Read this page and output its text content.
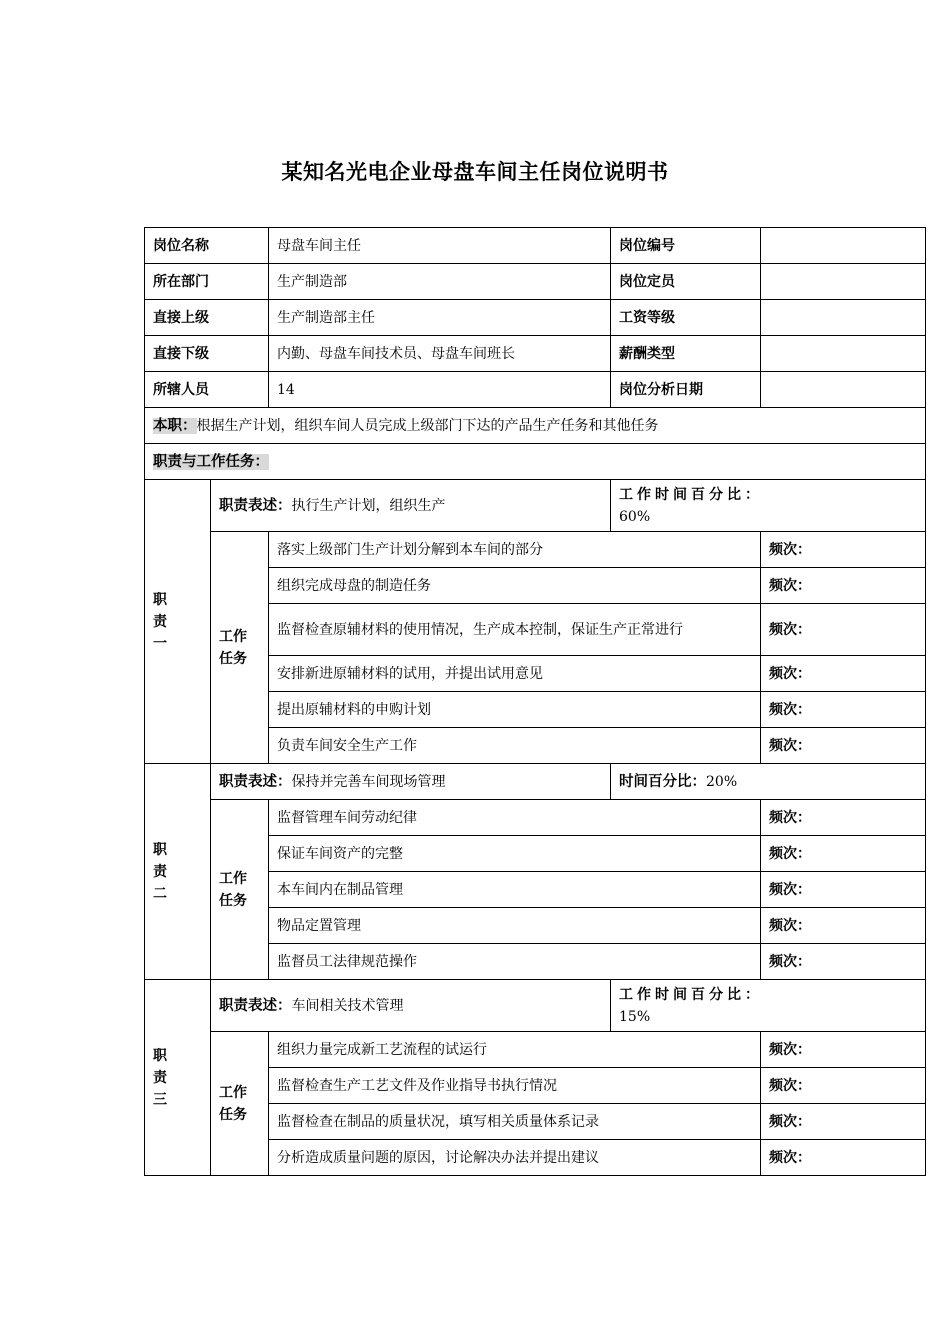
某知名光电企业母盘车间主任岗位说明书
岗位名称		母盘车间主任	岗位编号	
所在部门		生产制造部	岗位定员	
直接上级		生产制造部主任	工资等级	
直接下级		内勤、母盘车间技术员、母盘车间班长	薪酬类型	
所辖人员		14	岗位分析日期	
本职：根据生产计划，组织车间人员完成上级部门下达的产品生产任务和其他任务				
职责与工作任务：				

职
责
一	职责表述：执行生产计划，组织生产		工作时间百分比：
60%	

	工作
任务	落实上级部门生产计划分解到本车间的部分		频次：
		组织完成母盘的制造任务		频次：
		监督检查原辅材料的使用情况，生产成本控制，保证生产正常进行		频次：
		安排新进原辅材料的试用，并提出试用意见		频次：
		提出原辅材料的申购计划		频次：
		负责车间安全生产工作		频次：

职
责
二	职责表述：保持并完善车间现场管理		时间百分比：20%	

	工作
任务	监督管理车间劳动纪律		频次：
		保证车间资产的完整		频次：
		本车间内在制品管理		频次：
		物品定置管理		频次：
		监督员工法律规范操作		频次：

职
责
三	职责表述：车间相关技术管理		工作时间百分比：
15%	

	工作
任务	组织力量完成新工艺流程的试运行		频次：
		监督检查生产工艺文件及作业指导书执行情况		频次：
		监督检查在制品的质量状况，填写相关质量体系记录		频次：
		分析造成质量问题的原因，讨论解决办法并提出建议		频次：
